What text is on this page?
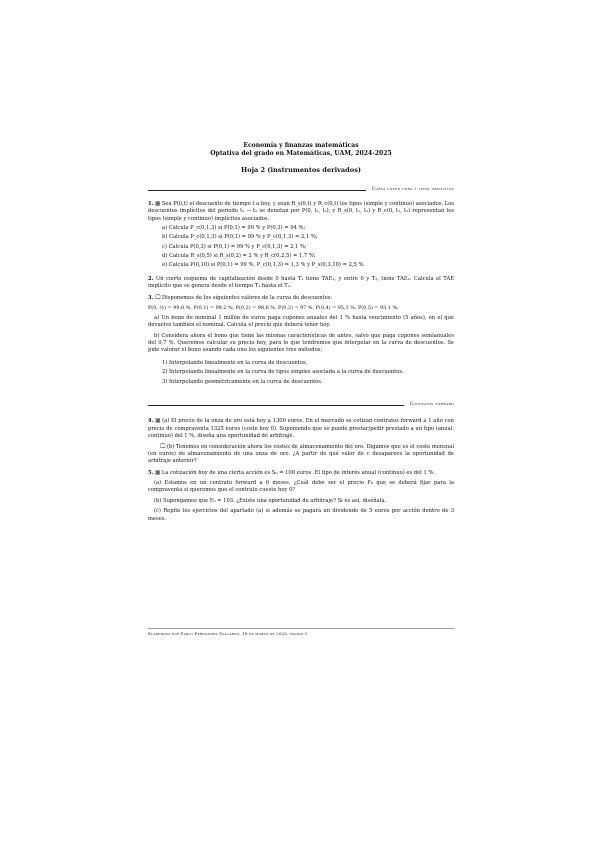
Economía y finanzas matemáticas
Optativa del grado en Matemáticas, UAM, 2024-2025
Hoja 2 (instrumentos derivados)
Curva cupón cero y tipos implícitos
1. ▦ Sea P(0,t) el descuento de tiempo t a hoy, y sean R_s(0,t) y R_c(0,t) los tipos (simple y continuo) asociados. Los descuentos implícitos del periodo t₁ → t₂ se denotan por P(0, t₁, t₂), y R_s(0, t₁, t₂) y R_c(0, t₁, t₂) representan los tipos (simple y continuo) implícitos asociados.
a) Calcula P_c(0,1,3) si P(0,1) = 99 % y P(0,3) = 94 %;
b) Calcula P_c(0,1,3) si P(0,1) = 99 % y P_c(0,1,3) = 2,1 %;
c) Calcula P(0,3) si P(0,1) = 99 % y P_c(0,1,3) = 2,1 %;
d) Calcula R_s(0,5) si R_s(0,2) = 2 % y R_c(0,2,5) = 1,7 %;
e) Calcula P(0,10) si P(0,1) = 99 %, P_c(0,1,3) = 1,3 % y P_s(0,3,10) = 2,5 %.
2. Un cierto esquema de capitalización desde 0 hasta T₁ tiene TAE₁, y entre 0 y T₂, tiene TAE₂. Calcula el TAE implícito que se genera desde el tiempo T₁ hasta el T₂.
3. 🖵 Disponemos de los siguientes valores de la curva de descuentos:
P(0, ½) = 99,8 %, P(0,1) = 99,2 %, P(0,2) = 98,6 %, P(0,3) = 97 %, P(0,4) = 95,3 %, P(0,5) = 93,1 %.
a) Un bono de nominal 1 millón de euros paga cupones anuales del 1 % hasta vencimiento (5 años), en el que devuelve también el nominal. Calcula el precio que deberá tener hoy.
b) Considera ahora el bono que tiene las mismas características de antes, salvo que paga cupones semianuales del 0,7 %. Queremos calcular su precio hoy, para lo que tendremos que interpolar en la curva de descuentos. Se pide valorar el bono usando cada uno los siguientes tres métodos:
1) Interpolando linealmente en la curva de descuentos.
2) Interpolando linealmente en la curva de tipos simples asociada a la curva de descuentos.
3) Interpolando geométricamente en la curva de descuentos.
Contratos forward
4. ▦ (a) El precio de la onza de oro está hoy a 1300 euros. En el mercado se cotizan contratos forward a 1 año con precio de compraventa 1325 euros (coste hoy 0). Suponiendo que se puede prestar/pedir prestado a un tipo (anual, continuo) del 1 %, diseña una oportunidad de arbitraje.
🖵 (b) Tenemos en consideración ahora los costes de almacenamiento del oro. Digamos que es el coste mensual (en euros) de almacenamiento de una onza de oro. ¿A partir de qué valor de c desaparece la oportunidad de arbitraje anterior?
5. ▦ La cotización hoy de una cierta acción es S₀ = 100 euros. El tipo de interés anual (continuo) es del 1 %.
(a) Estamos en un contrato forward a 6 meses. ¿Cuál debe ser el precio F₀ que se deberá fijar para la compraventa si queremos que el contrato cueste hoy 0?
(b) Supongamos que F₀ = 103. ¿Existe una oportunidad de arbitraje? Si es así, diséñala.
(c) Repite los ejercicios del apartado (a) si además se pagará un dividendo de 5 euros por acción dentro de 3 meses.
Elaborada por Pablo Fernández Gallardo, 18 de marzo de 2025, página 1
